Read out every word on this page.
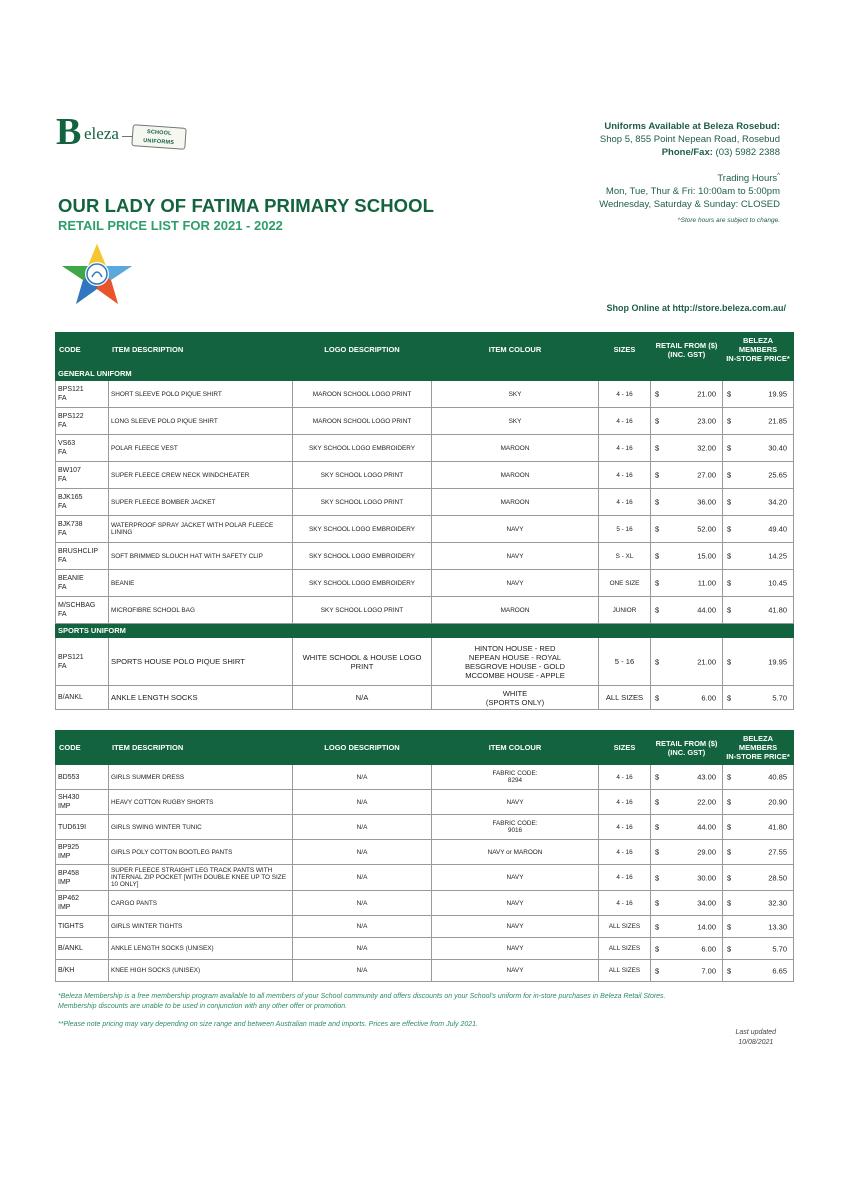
B eleza	SCHOOL
UNIFORMS
Uniforms Available at Beleza Rosebud:
Shop 5, 855 Point Nepean Road, Rosebud
Phone/Fax: (03) 5982 2388
Trading Hours^
Mon, Tue, Thur & Fri: 10:00am to 5:00pm
Wednesday, Saturday & Sunday: CLOSED
^Store hours are subject to change.
OUR LADY OF FATIMA PRIMARY SCHOOL
RETAIL PRICE LIST FOR 2021 - 2022
Shop Online at http://store.beleza.com.au/
CODE	ITEM DESCRIPTION	LOGO DESCRIPTION	ITEM COLOUR	SIZES	RETAIL FROM ($)
(INC. GST)	BELEZA MEMBERS
IN-STORE PRICE*
GENERAL UNIFORM						
BPS121
FA	SHORT SLEEVE POLO PIQUE SHIRT	MAROON SCHOOL LOGO PRINT	SKY	4 - 16	$ 21.00	$ 19.95

BPS122
FA	LONG SLEEVE POLO PIQUE SHIRT	MAROON SCHOOL LOGO PRINT	SKY	4 - 16	$ 23.00	$ 21.85

VS63
FA	POLAR FLEECE VEST	SKY SCHOOL LOGO EMBROIDERY	MAROON	4 - 16	$ 32.00	$ 30.40

BW107
FA	SUPER FLEECE CREW NECK WINDCHEATER	SKY SCHOOL LOGO PRINT	MAROON	4 - 16	$ 27.00	$ 25.65

BJK165
FA	SUPER FLEECE BOMBER JACKET	SKY SCHOOL LOGO PRINT	MAROON	4 - 16	$ 36.00	$ 34.20

BJK738
FA	WATERPROOF SPRAY JACKET WITH POLAR FLEECE LINING	SKY SCHOOL LOGO EMBROIDERY	NAVY	5 - 16	$ 52.00	$ 49.40

BRUSHCLIP
FA	SOFT BRIMMED SLOUCH HAT WITH SAFETY CLIP	SKY SCHOOL LOGO EMBROIDERY	NAVY	S - XL	$ 15.00	$ 14.25

BEANIE
FA	BEANIE	SKY SCHOOL LOGO EMBROIDERY	NAVY	ONE SIZE	$ 11.00	$ 10.45

M/SCHBAG
FA	MICROFIBRE SCHOOL BAG	SKY SCHOOL LOGO PRINT	MAROON	JUNIOR	$ 44.00	$ 41.80

SPORTS UNIFORM						
BPS121
FA	SPORTS HOUSE POLO PIQUE SHIRT	WHITE SCHOOL & HOUSE LOGO PRINT	HINTON HOUSE - RED
NEPEAN HOUSE - ROYAL
BESGROVE HOUSE - GOLD
MCCOMBE HOUSE - APPLE	5 - 16	$ 21.00	$ 19.95

B/ANKL	ANKLE LENGTH SOCKS	N/A	WHITE
(SPORTS ONLY)	ALL SIZES	$ 6.00	$ 5.70
CODE	ITEM DESCRIPTION	LOGO DESCRIPTION	ITEM COLOUR	SIZES	RETAIL FROM ($)
(INC. GST)	BELEZA MEMBERS
IN-STORE PRICE*
BD553	GIRLS SUMMER DRESS	N/A	FABRIC CODE:
8294	4 - 16	$ 43.00	$ 40.85

SH430
IMP	HEAVY COTTON RUGBY SHORTS	N/A	NAVY	4 - 16	$ 22.00	$ 20.90

TUD619I	GIRLS SWING WINTER TUNIC	N/A	FABRIC CODE:
9016	4 - 16	$ 44.00	$ 41.80

BP925
IMP	GIRLS POLY COTTON BOOTLEG PANTS	N/A	NAVY or MAROON	4 - 16	$ 29.00	$ 27.55

BP458
IMP	SUPER FLEECE STRAIGHT LEG TRACK PANTS WITH INTERNAL ZIP POCKET [WITH DOUBLE KNEE UP TO SIZE 10 ONLY]	N/A	NAVY	4 - 16	$ 30.00	$ 28.50

BP462
IMP	CARGO PANTS	N/A	NAVY	4 - 16	$ 34.00	$ 32.30

TIGHTS	GIRLS WINTER TIGHTS	N/A	NAVY	ALL SIZES	$ 14.00	$ 13.30

B/ANKL	ANKLE LENGTH SOCKS (UNISEX)	N/A	NAVY	ALL SIZES	$ 6.00	$ 5.70

B/KH	KNEE HIGH SOCKS (UNISEX)	N/A	NAVY	ALL SIZES	$ 7.00	$ 6.65
*Beleza Membership is a free membership program available to all members of your School community and offers discounts on your School's uniform for in-store purchases in Beleza Retail Stores. Membership discounts are unable to be used in conjunction with any other offer or promotion.
**Please note pricing may vary depending on size range and between Australian made and imports. Prices are effective from July 2021.
Last updated
10/08/2021
